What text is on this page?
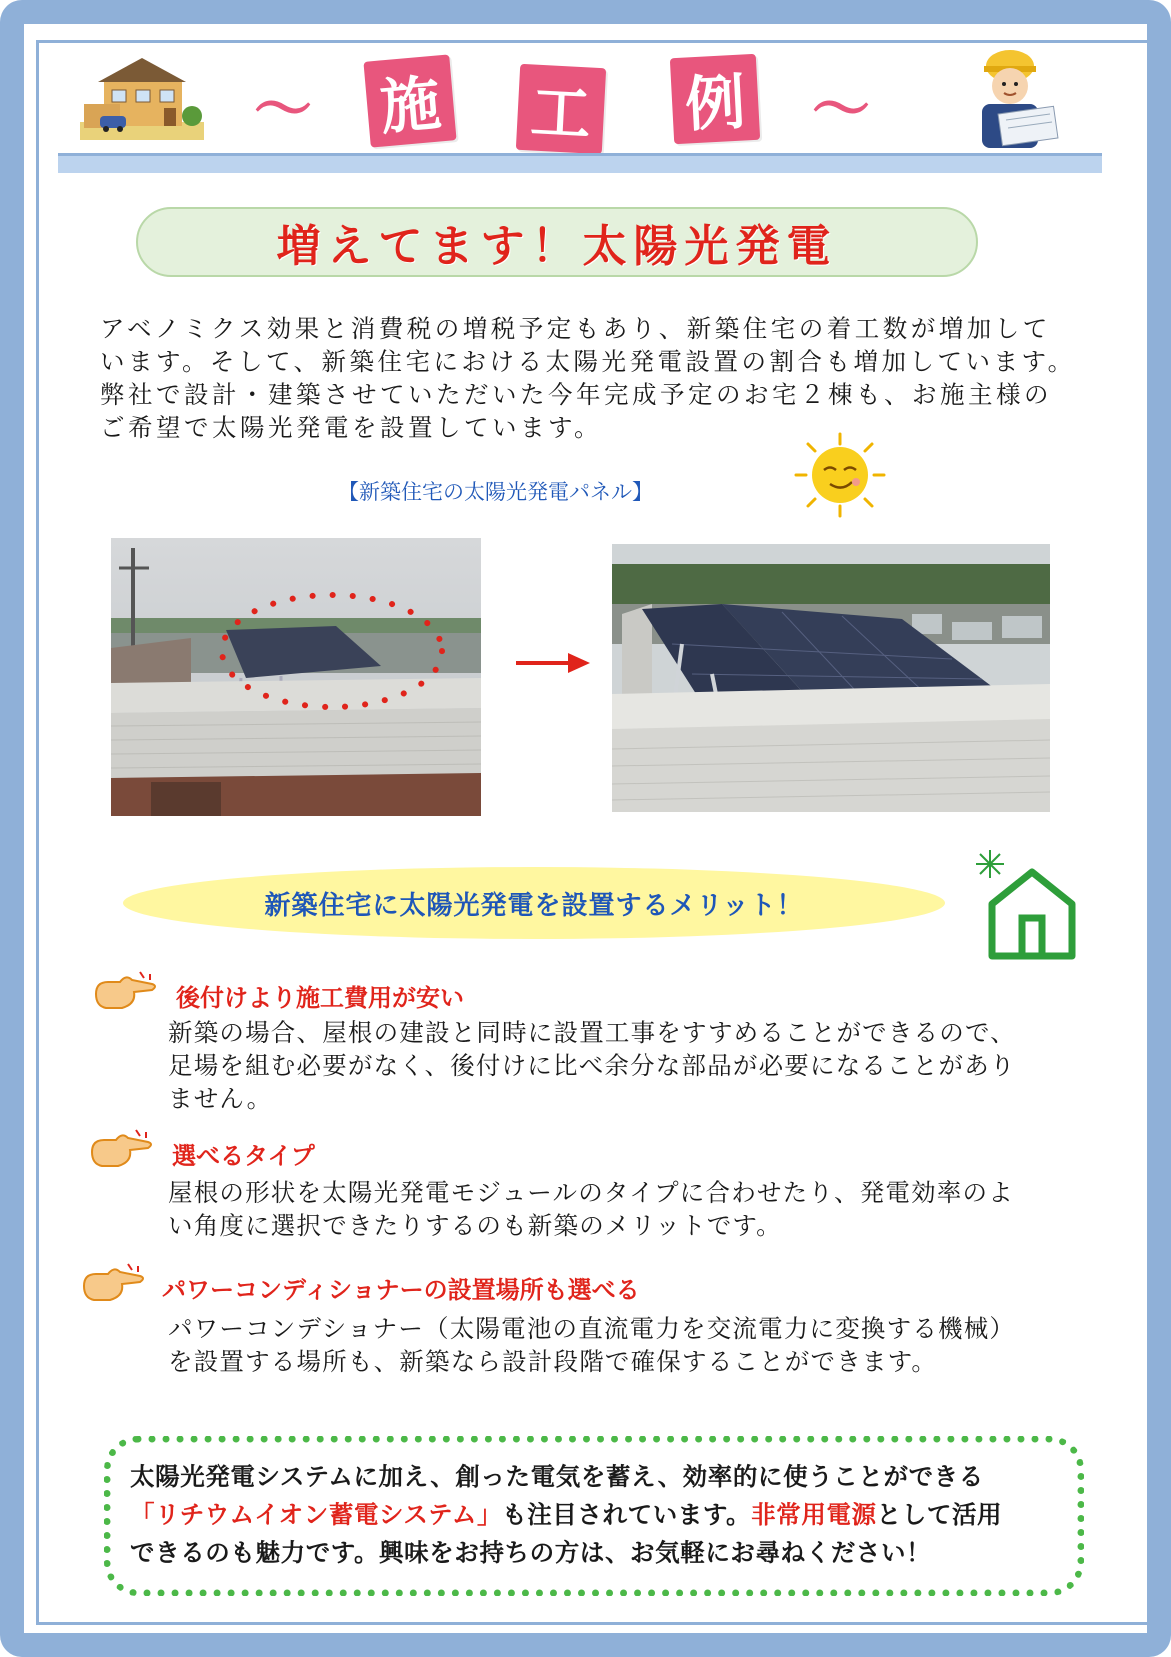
〜 施 工 例 〜
増えてます！太陽光発電
アベノミクス効果と消費税の増税予定もあり、新築住宅の着工数が増加して
います。そして、新築住宅における太陽光発電設置の割合も増加しています。
弊社で設計・建築させていただいた今年完成予定のお宅２棟も、お施主様の
ご希望で太陽光発電を設置しています。
【新築住宅の太陽光発電パネル】
新築住宅に太陽光発電を設置するメリット！
後付けより施工費用が安い
新築の場合、屋根の建設と同時に設置工事をすすめることができるので、
足場を組む必要がなく、後付けに比べ余分な部品が必要になることがあり
ません。
選べるタイプ
屋根の形状を太陽光発電モジュールのタイプに合わせたり、発電効率のよ
い角度に選択できたりするのも新築のメリットです。
パワーコンディショナーの設置場所も選べる
パワーコンデショナー（太陽電池の直流電力を交流電力に変換する機械）
を設置する場所も、新築なら設計段階で確保することができます。
太陽光発電システムに加え、創った電気を蓄え、効率的に使うことができる
「リチウムイオン蓄電システム」も注目されています。非常用電源として活用
できるのも魅力です。興味をお持ちの方は、お気軽にお尋ねください！
